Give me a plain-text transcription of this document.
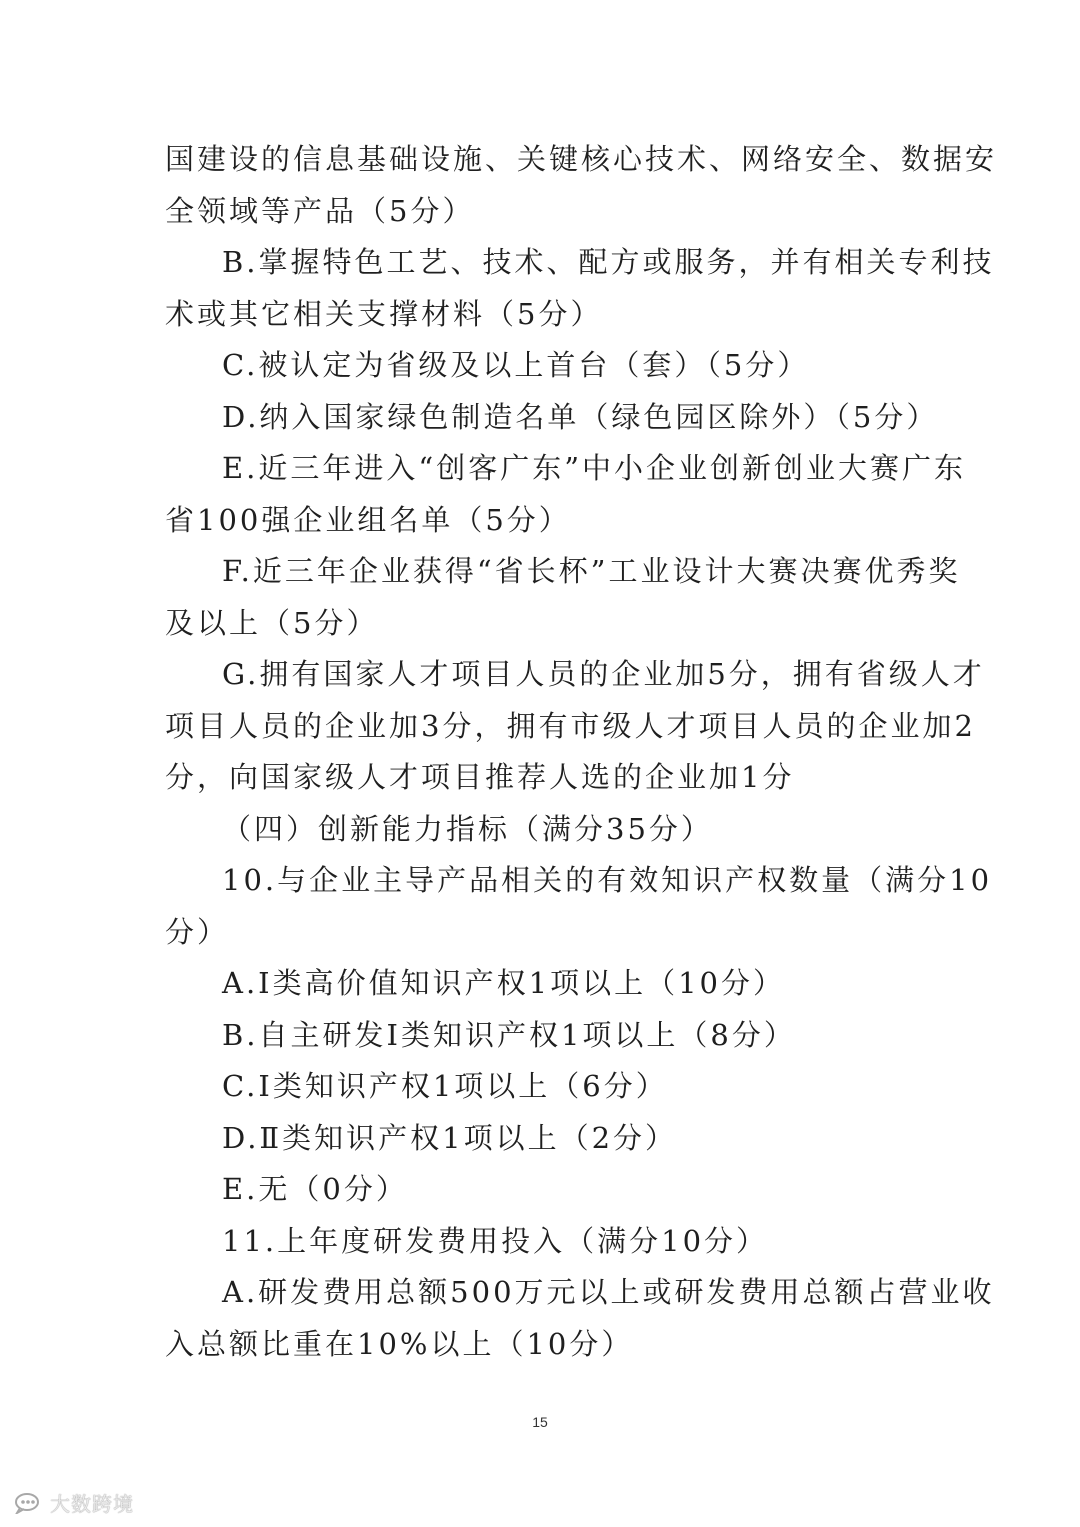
国建设的信息基础设施、关键核心技术、网络安全、数据安
全领域等产品（5分）
B.掌握特色工艺、技术、配方或服务，并有相关专利技
术或其它相关支撑材料（5分）
C.被认定为省级及以上首台（套）（5分）
D.纳入国家绿色制造名单（绿色园区除外）（5分）
E.近三年进入“创客广东”中小企业创新创业大赛广东
省100强企业组名单（5分）
F.近三年企业获得“省长杯”工业设计大赛决赛优秀奖
及以上（5分）
G.拥有国家人才项目人员的企业加5分，拥有省级人才
项目人员的企业加3分，拥有市级人才项目人员的企业加2
分，向国家级人才项目推荐人选的企业加1分
（四）创新能力指标（满分35分）
10.与企业主导产品相关的有效知识产权数量（满分10
分）
A.Ⅰ类高价值知识产权1项以上（10分）
B.自主研发Ⅰ类知识产权1项以上（8分）
C.Ⅰ类知识产权1项以上（6分）
D.Ⅱ类知识产权1项以上（2分）
E.无（0分）
11.上年度研发费用投入（满分10分）
A.研发费用总额500万元以上或研发费用总额占营业收
入总额比重在10%以上（10分）
15
大数跨境
